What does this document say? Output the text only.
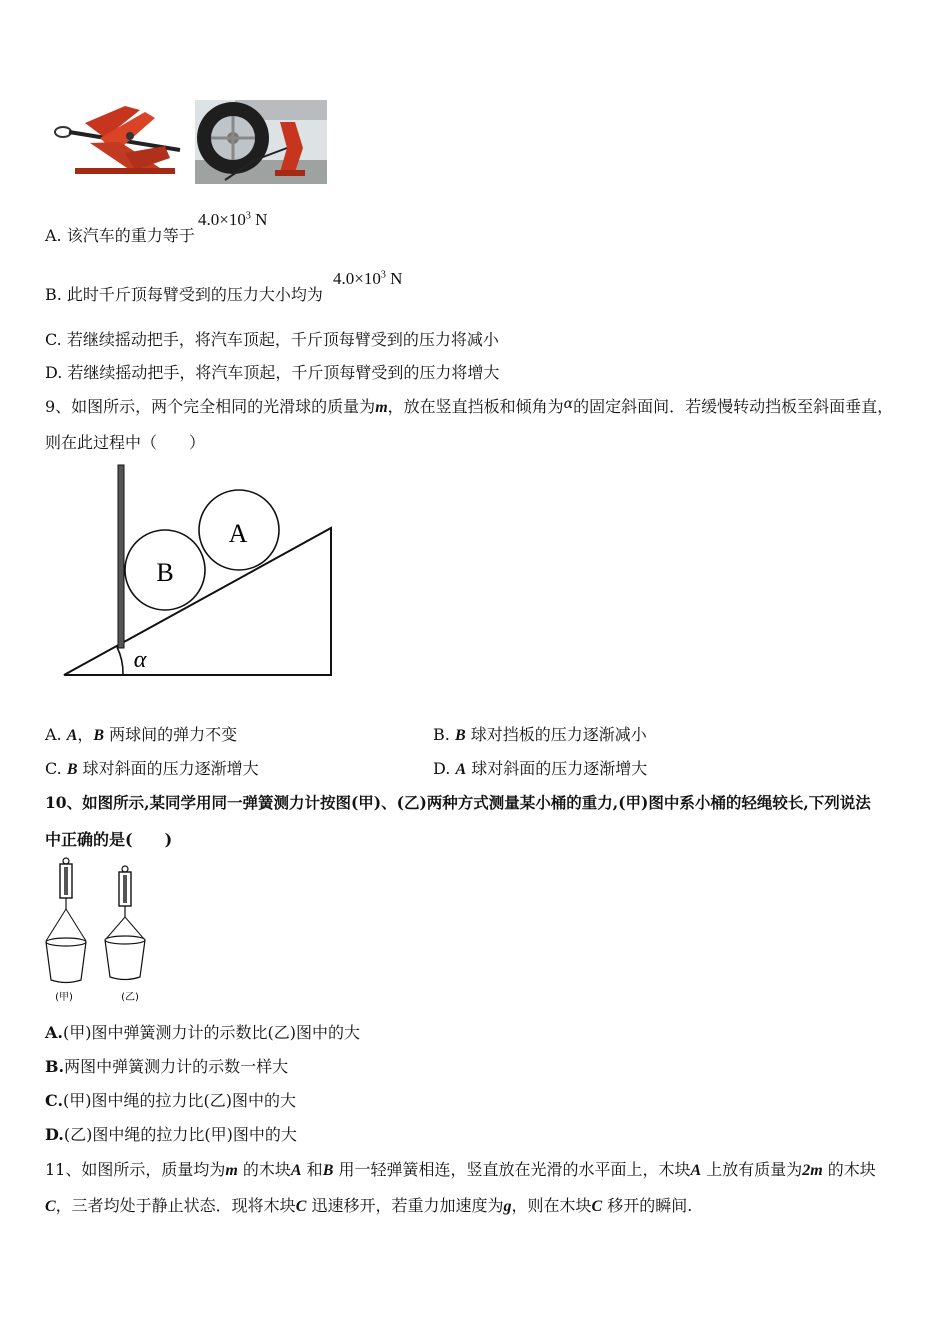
A. 该汽车的重力等于
$4.0\times 10^3$ N
B. 此时千斤顶每臂受到的压力大小均为
$4.0\times 10^3$ N
C. 若继续摇动把手，将汽车顶起，千斤顶每臂受到的压力将减小
D. 若继续摇动把手，将汽车顶起，千斤顶每臂受到的压力将增大
9、如图所示，两个完全相同的光滑球的质量为m，放在竖直挡板和倾角为α的固定斜面间．若缓慢转动挡板至斜面垂直，
则在此过程中（　　）
B
A
α
A. A，B 两球间的弹力不变	B. B 球对挡板的压力逐渐减小
C. B 球对斜面的压力逐渐增大	D. A 球对斜面的压力逐渐增大
10、如图所示,某同学用同一弹簧测力计按图(甲)、(乙)两种方式测量某小桶的重力,(甲)图中系小桶的轻绳较长,下列说法
中正确的是(　　)
(甲)	(乙)
A.(甲)图中弹簧测力计的示数比(乙)图中的大
B.两图中弹簧测力计的示数一样大
C.(甲)图中绳的拉力比(乙)图中的大
D.(乙)图中绳的拉力比(甲)图中的大
11、如图所示，质量均为m 的木块A 和B 用一轻弹簧相连，竖直放在光滑的水平面上，木块A 上放有质量为2m 的木块
C，三者均处于静止状态．现将木块C 迅速移开，若重力加速度为g，则在木块C 移开的瞬间.
